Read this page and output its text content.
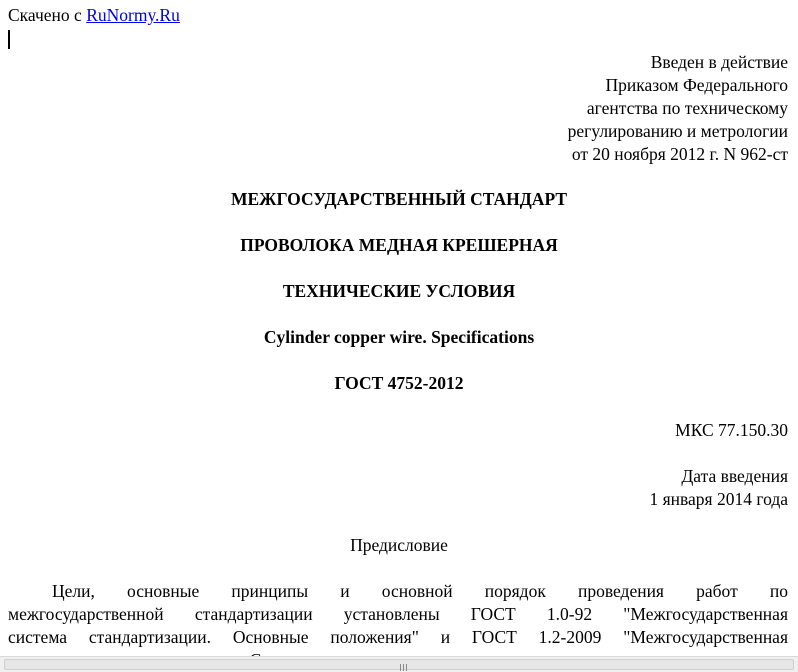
Скачено с RuNormy.Ru
Введен в действие
Приказом Федерального
агентства по техническому
регулированию и метрологии
от 20 ноября 2012 г. N 962-ст
МЕЖГОСУДАРСТВЕННЫЙ СТАНДАРТ
ПРОВОЛОКА МЕДНАЯ КРЕШЕРНАЯ
ТЕХНИЧЕСКИЕ УСЛОВИЯ
Cylinder copper wire. Specifications
ГОСТ 4752-2012
МКС 77.150.30
Дата введения
1 января 2014 года
Предисловие
Цели, основные принципы и основной порядок проведения работ по
межгосударственной стандартизации установлены ГОСТ 1.0-92 "Межгосударственная
система стандартизации. Основные положения" и ГОСТ 1.2-2009 "Межгосударственная
